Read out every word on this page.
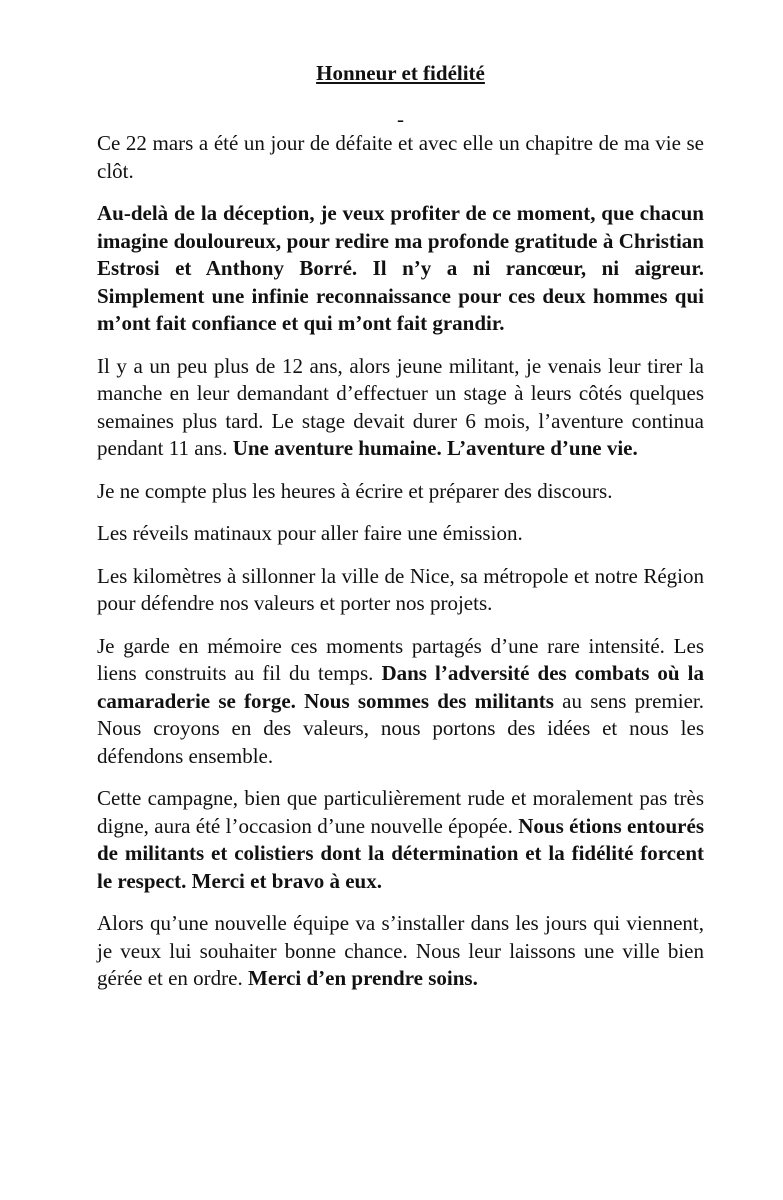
Honneur et fidélité
-

Ce 22 mars a été un jour de défaite et avec elle un chapitre de ma vie se clôt.

Au-delà de la déception, je veux profiter de ce moment, que chacun imagine douloureux, pour redire ma profonde gratitude à Christian Estrosi et Anthony Borré. Il n’y a ni rancœur, ni aigreur. Simplement une infinie reconnaissance pour ces deux hommes qui m’ont fait confiance et qui m’ont fait grandir.

Il y a un peu plus de 12 ans, alors jeune militant, je venais leur tirer la manche en leur demandant d’effectuer un stage à leurs côtés quelques semaines plus tard. Le stage devait durer 6 mois, l’aventure continua pendant 11 ans. Une aventure humaine. L’aventure d’une vie.

Je ne compte plus les heures à écrire et préparer des discours.

Les réveils matinaux pour aller faire une émission.

Les kilomètres à sillonner la ville de Nice, sa métropole et notre Région pour défendre nos valeurs et porter nos projets.

Je garde en mémoire ces moments partagés d’une rare intensité. Les liens construits au fil du temps. Dans l’adversité des combats où la camaraderie se forge. Nous sommes des militants au sens premier. Nous croyons en des valeurs, nous portons des idées et nous les défendons ensemble.

Cette campagne, bien que particulièrement rude et moralement pas très digne, aura été l’occasion d’une nouvelle épopée. Nous étions entourés de militants et colistiers dont la détermination et la fidélité forcent le respect. Merci et bravo à eux.

Alors qu’une nouvelle équipe va s’installer dans les jours qui viennent, je veux lui souhaiter bonne chance. Nous leur laissons une ville bien gérée et en ordre. Merci d’en prendre soins.
